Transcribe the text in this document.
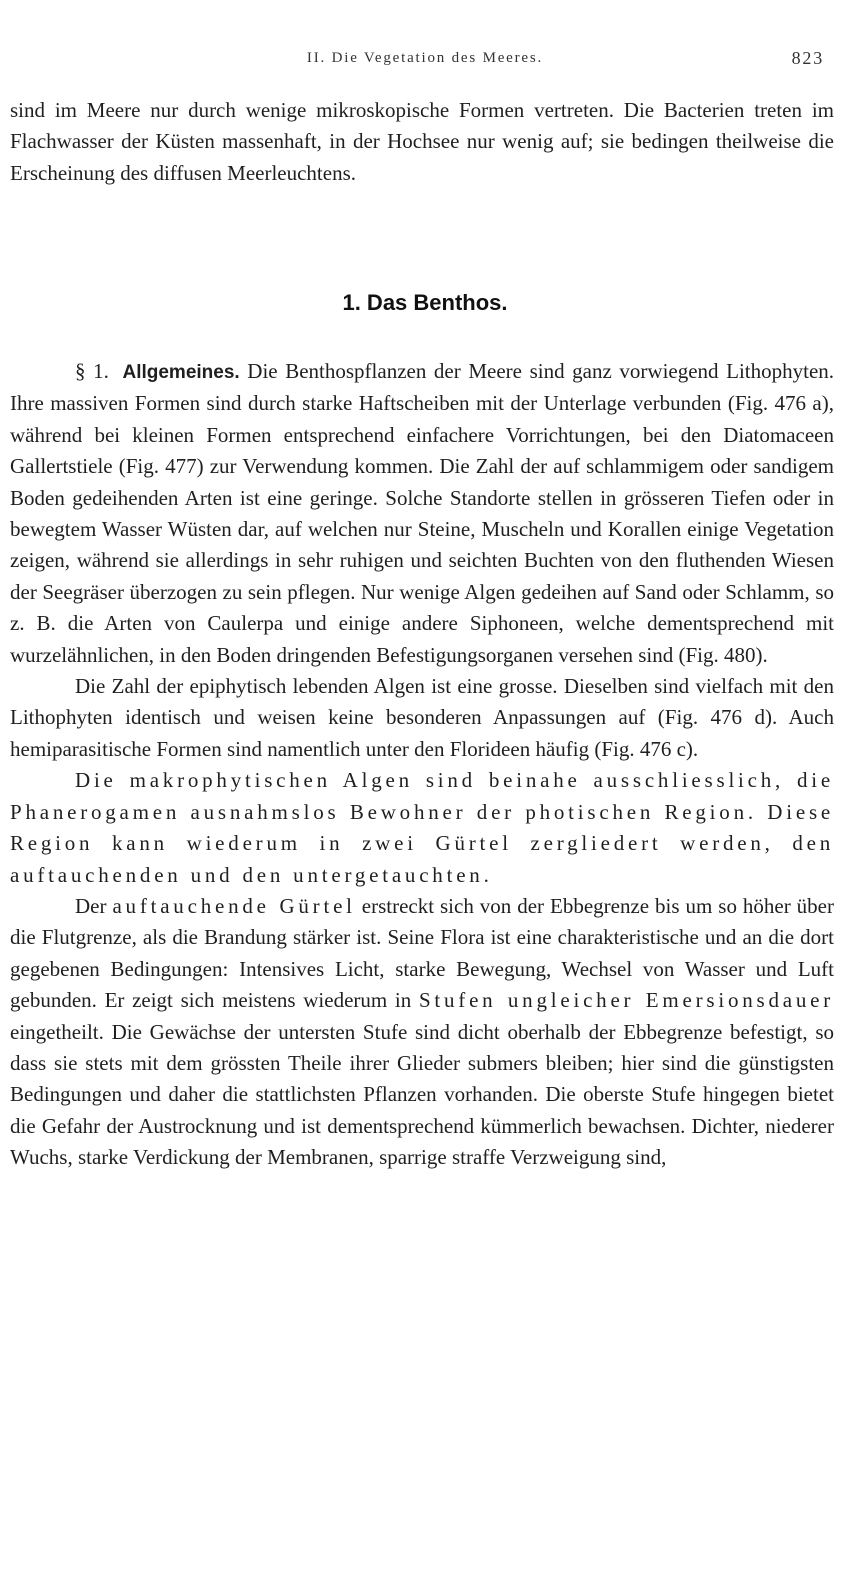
II. Die Vegetation des Meeres.	823

sind im Meere nur durch wenige mikroskopische Formen vertreten. Die Bacterien treten im Flachwasser der Küsten massenhaft, in der Hochsee nur wenig auf; sie bedingen theilweise die Erscheinung des diffusen Meerleuchtens.

1. Das Benthos.

§ 1. Allgemeines. Die Benthospflanzen der Meere sind ganz vorwiegend Lithophyten. Ihre massiven Formen sind durch starke Haftscheiben mit der Unterlage verbunden (Fig. 476 a), während bei kleinen Formen entsprechend einfachere Vorrichtungen, bei den Diatomaceen Gallertstiele (Fig. 477) zur Verwendung kommen. Die Zahl der auf schlammigem oder sandigem Boden gedeihenden Arten ist eine geringe. Solche Standorte stellen in grösseren Tiefen oder in bewegtem Wasser Wüsten dar, auf welchen nur Steine, Muscheln und Korallen einige Vegetation zeigen, während sie allerdings in sehr ruhigen und seichten Buchten von den fluthenden Wiesen der Seegräser überzogen zu sein pflegen. Nur wenige Algen gedeihen auf Sand oder Schlamm, so z. B. die Arten von Caulerpa und einige andere Siphoneen, welche dementsprechend mit wurzelähnlichen, in den Boden dringenden Befestigungsorganen versehen sind (Fig. 480).

Die Zahl der epiphytisch lebenden Algen ist eine grosse. Dieselben sind vielfach mit den Lithophyten identisch und weisen keine besonderen Anpassungen auf (Fig. 476 d). Auch hemiparasitische Formen sind namentlich unter den Florideen häufig (Fig. 476 c).

Die makrophytischen Algen sind beinahe ausschliesslich, die Phanerogamen ausnahmslos Bewohner der photischen Region. Diese Region kann wiederum in zwei Gürtel zergliedert werden, den auftauchenden und den untergetauchten.

Der auftauchende Gürtel erstreckt sich von der Ebbegrenze bis um so höher über die Flutgrenze, als die Brandung stärker ist. Seine Flora ist eine charakteristische und an die dort gegebenen Bedingungen: Intensives Licht, starke Bewegung, Wechsel von Wasser und Luft gebunden. Er zeigt sich meistens wiederum in Stufen ungleicher Emersionsdauer eingetheilt. Die Gewächse der untersten Stufe sind dicht oberhalb der Ebbegrenze befestigt, so dass sie stets mit dem grössten Theile ihrer Glieder submers bleiben; hier sind die günstigsten Bedingungen und daher die stattlichsten Pflanzen vorhanden. Die oberste Stufe hingegen bietet die Gefahr der Austrocknung und ist dementsprechend kümmerlich bewachsen. Dichter, niederer Wuchs, starke Verdickung der Membranen, sparrige straffe Verzweigung sind,
